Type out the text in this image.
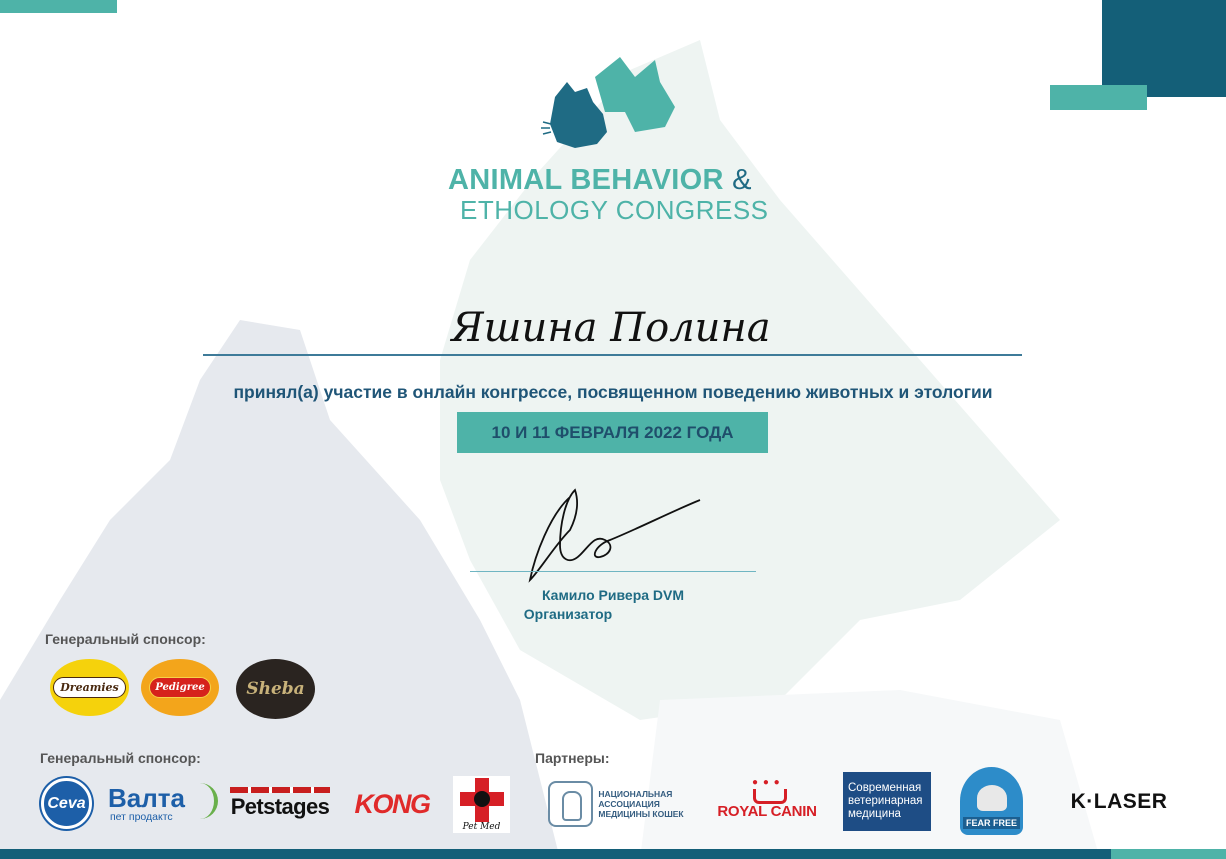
ANIMAL BEHAVIOR &
ETHOLOGY CONGRESS
Яшина Полина
принял(а) участие в онлайн конгрессе, посвященном поведению животных и этологии
10 И 11 ФЕВРАЛЯ 2022 ГОДА
Камило Ривера DVM
Организатор
Генеральный спонсор:
Dreamies	Pedigree	Sheba
Генеральный спонсор:
Ceva Валта
пет продактс	Petstages KONG
Pet Med
Партнеры:
НАЦИОНАЛЬНАЯ
АССОЦИАЦИЯ
МЕДИЦИНЫ КОШЕК
● ● ● ROYAL CANIN
Современная
ветеринарная
медицина
FEAR FREE
K·LASER
